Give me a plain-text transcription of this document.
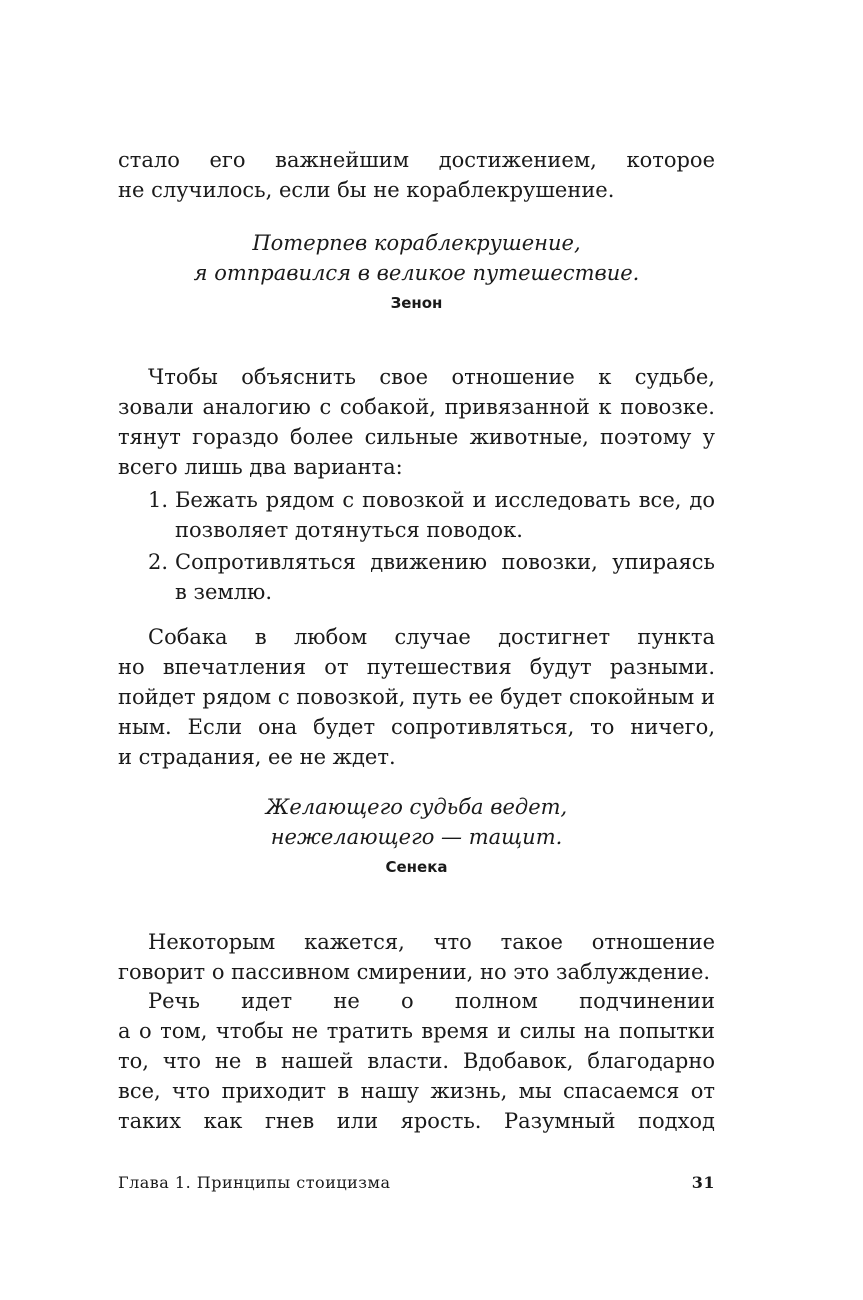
стало его важнейшим достижением, которое
не случилось, если бы не кораблекрушение.
Потерпев кораблекрушение,
я отправился в великое путешествие.
Зенон
Чтобы объяснить свое отношение к судьбе,
зовали аналогию с собакой, привязанной к повозке.
тянут гораздо более сильные животные, поэтому у
всего лишь два варианта:
1. Бежать рядом с повозкой и исследовать все, до
позволяет дотянуться поводок.
2. Сопротивляться движению повозки, упираясь
в землю.
Собака в любом случае достигнет пункта
но впечатления от путешествия будут разными.
пойдет рядом с повозкой, путь ее будет спокойным и
ным. Если она будет сопротивляться, то ничего,
и страдания, ее не ждет.
Желающего судьба ведет,
нежелающего — тащит.
Сенека
Некоторым кажется, что такое отношение
говорит о пассивном смирении, но это заблуждение.
Речь идет не о полном подчинении
а о том, чтобы не тратить время и силы на попытки
то, что не в нашей власти. Вдобавок, благодарно
все, что приходит в нашу жизнь, мы спасаемся от
таких как гнев или ярость. Разумный подход
Глава 1. Принципы стоицизма	31
